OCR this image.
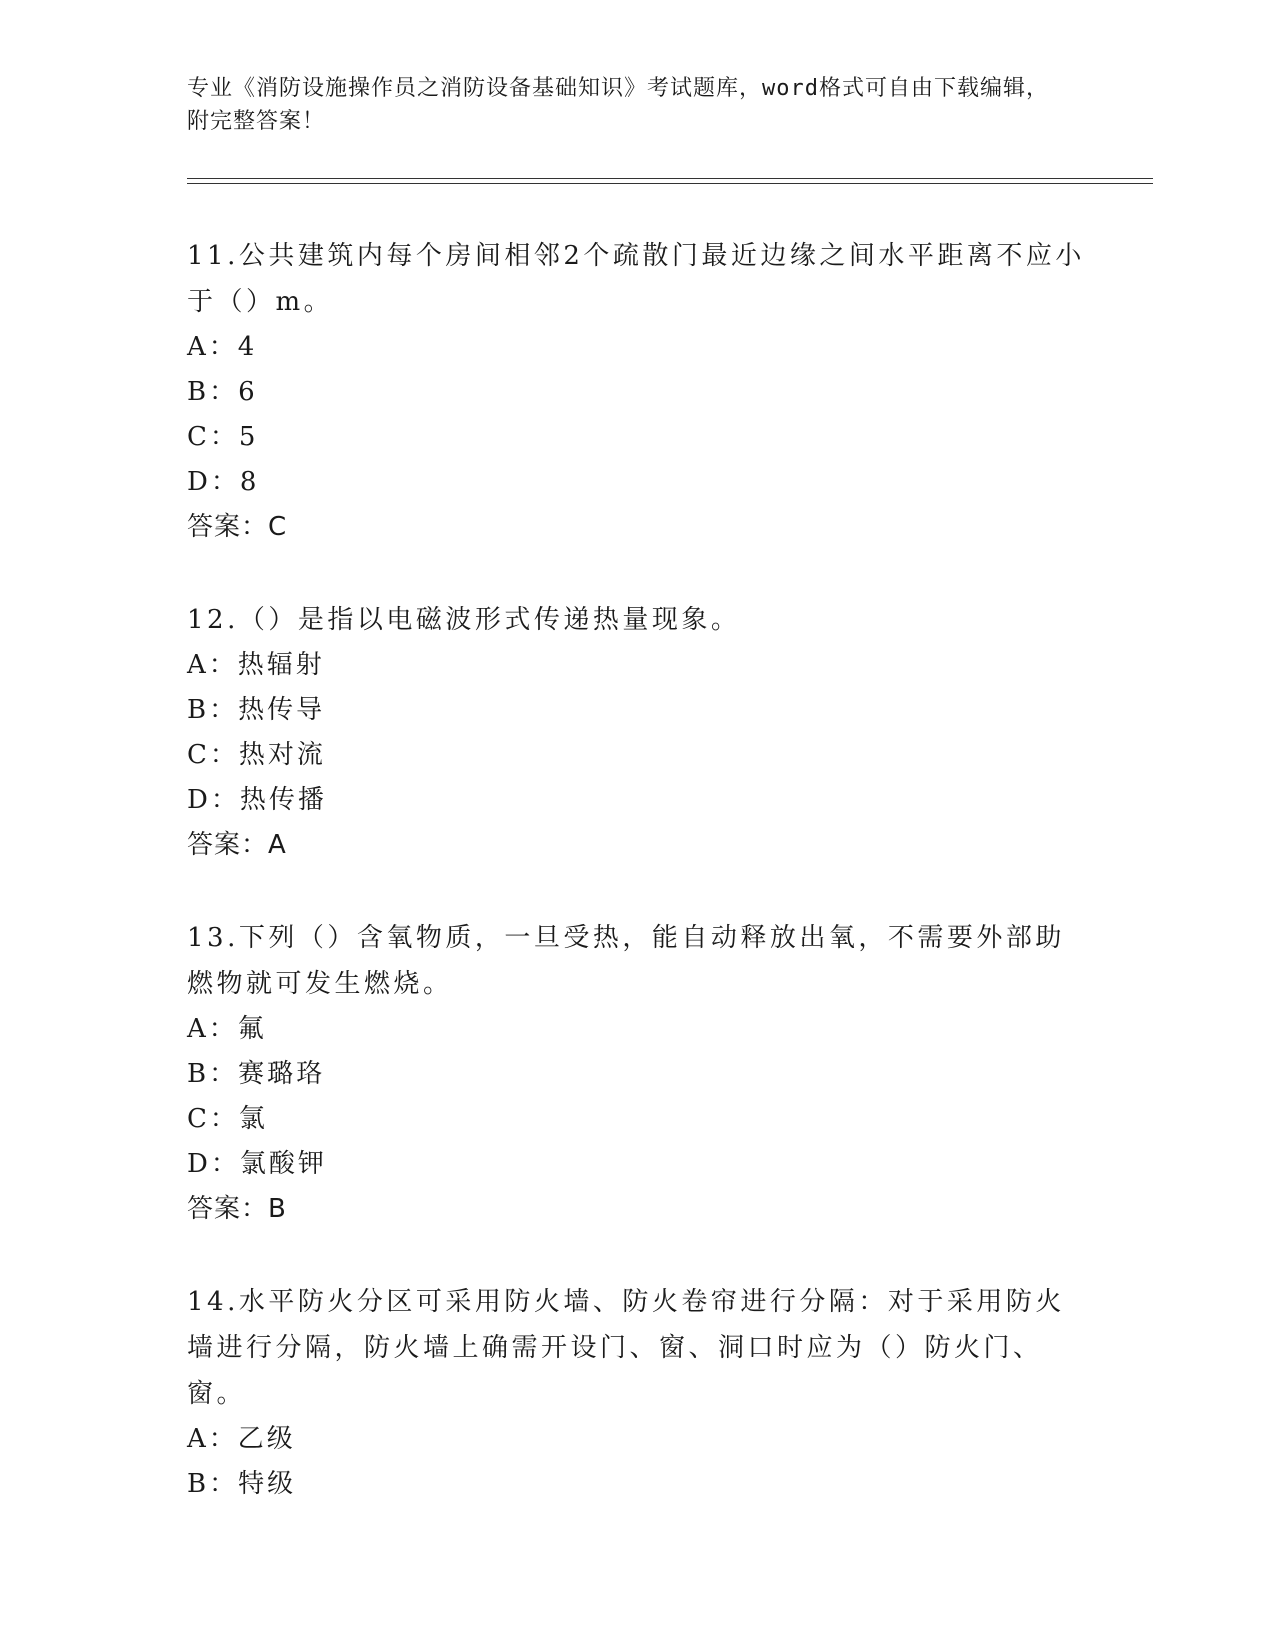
专业《消防设施操作员之消防设备基础知识》考试题库，word格式可自由下载编辑，附完整答案！

11.公共建筑内每个房间相邻2个疏散门最近边缘之间水平距离不应小于（）m。

A：4

B：6

C：5

D：8

答案：C

12.（）是指以电磁波形式传递热量现象。

A：热辐射

B：热传导

C：热对流

D：热传播

答案：A

13.下列（）含氧物质，一旦受热，能自动释放出氧，不需要外部助燃物就可发生燃烧。

A：氟

B：赛璐珞

C：氯

D：氯酸钾

答案：B

14.水平防火分区可采用防火墙、防火卷帘进行分隔：对于采用防火墙进行分隔，防火墙上确需开设门、窗、洞口时应为（）防火门、窗。

A：乙级

B：特级
